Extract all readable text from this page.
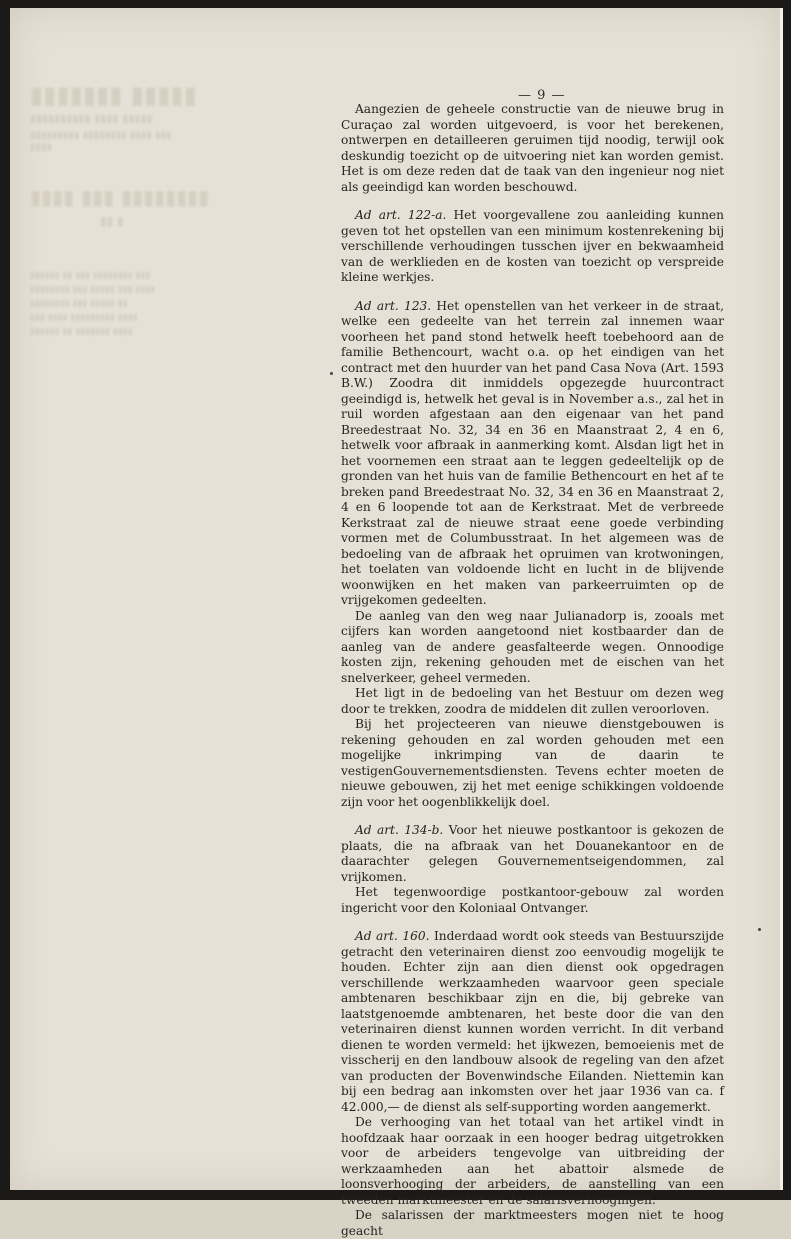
▮▮▮▮▮▮▮ ▮▮▮▮▮
▮▮▮▮▮▮▮▮▮▮ ▮▮▮▮ ▮▮▮▮▮
▮▮▮▮▮▮▮▮▮ ▮▮▮▮▮▮▮▮ ▮▮▮▮ ▮▮▮
▮▮▮▮
▮▮▮▮ ▮▮▮ ▮▮▮▮▮▮▮▮
▮▮ ▮
▮▮▮▮▮▮ ▮▮ ▮▮▮ ▮▮▮▮▮▮▮▮ ▮▮▮
▮▮▮▮▮▮▮▮ ▮▮▮ ▮▮▮▮▮ ▮▮▮ ▮▮▮▮
▮▮▮▮▮▮▮▮ ▮▮▮ ▮▮▮▮▮ ▮▮
▮▮▮ ▮▮▮▮ ▮▮▮▮▮▮▮▮▮ ▮▮▮▮
▮▮▮▮▮▮ ▮▮ ▮▮▮▮▮▮▮ ▮▮▮▮
— 9 —

Aangezien de geheele constructie van de nieuwe brug in Curaçao zal worden uitgevoerd, is voor het berekenen, ontwerpen en detailleeren geruimen tijd noodig, terwijl ook deskundig toezicht op de uitvoering niet kan worden gemist. Het is om deze reden dat de taak van den ingenieur nog niet als geeindigd kan worden beschouwd.

Ad art. 122-a. Het voorgevallene zou aanleiding kunnen geven tot het opstellen van een minimum kostenrekening bij verschillende verhoudingen tusschen ijver en bekwaamheid van de werklieden en de kosten van toezicht op verspreide kleine werkjes.

Ad art. 123. Het openstellen van het verkeer in de straat, welke een gedeelte van het terrein zal innemen waar voorheen het pand stond hetwelk heeft toebehoord aan de familie Bethencourt, wacht o.a. op het eindigen van het contract met den huurder van het pand Casa Nova (Art. 1593 B.W.) Zoodra dit inmiddels opgezegde huurcontract geeindigd is, hetwelk het geval is in November a.s., zal het in ruil worden afgestaan aan den eigenaar van het pand Breedestraat No. 32, 34 en 36 en Maanstraat 2, 4 en 6, hetwelk voor afbraak in aanmerking komt. Alsdan ligt het in het voornemen een straat aan te leggen gedeeltelijk op de gronden van het huis van de familie Bethencourt en het af te breken pand Breedestraat No. 32, 34 en 36 en Maanstraat 2, 4 en 6 loopende tot aan de Kerkstraat. Met de verbreede Kerkstraat zal de nieuwe straat eene goede verbinding vormen met de Columbusstraat. In het algemeen was de bedoeling van de afbraak het opruimen van krotwoningen, het toelaten van voldoende licht en lucht in de blijvende woonwijken en het maken van parkeerruimten op de vrijgekomen gedeelten.

De aanleg van den weg naar Julianadorp is, zooals met cijfers kan worden aangetoond niet kostbaarder dan de aanleg van de andere geasfalteerde wegen. Onnoodige kosten zijn, rekening gehouden met de eischen van het snelverkeer, geheel vermeden.

Het ligt in de bedoeling van het Bestuur om dezen weg door te trekken, zoodra de middelen dit zullen veroorloven.

Bij het projecteeren van nieuwe dienstgebouwen is rekening gehouden en zal worden gehouden met een mogelijke inkrimping van de daarin te vestigenGouvernementsdiensten. Tevens echter moeten de nieuwe gebouwen, zij het met eenige schikkingen voldoende zijn voor het oogenblikkelijk doel.

Ad art. 134-b. Voor het nieuwe postkantoor is gekozen de plaats, die na afbraak van het Douanekantoor en de daarachter gelegen Gouvernementseigendommen, zal vrijkomen.

Het tegenwoordige postkantoor-gebouw zal worden ingericht voor den Koloniaal Ontvanger.

Ad art. 160. Inderdaad wordt ook steeds van Bestuurszijde getracht den veterinairen dienst zoo eenvoudig mogelijk te houden. Echter zijn aan dien dienst ook opgedragen verschillende werkzaamheden waarvoor geen speciale ambtenaren beschikbaar zijn en die, bij gebreke van laatstgenoemde ambtenaren, het beste door die van den veterinairen dienst kunnen worden verricht. In dit verband dienen te worden vermeld: het ijkwezen, bemoeienis met de visscherij en den landbouw alsook de regeling van den afzet van producten der Bovenwindsche Eilanden. Niettemin kan bij een bedrag aan inkomsten over het jaar 1936 van ca. f 42.000,— de dienst als self-supporting worden aangemerkt.

De verhooging van het totaal van het artikel vindt in hoofdzaak haar oorzaak in een hooger bedrag uitgetrokken voor de arbeiders tengevolge van uitbreiding der werkzaamheden aan het abattoir alsmede de loonsverhooging der arbeiders, de aanstelling van een tweeden marktmeester en de salarisverhoogingen.

De salarissen der marktmeesters mogen niet te hoog geacht
